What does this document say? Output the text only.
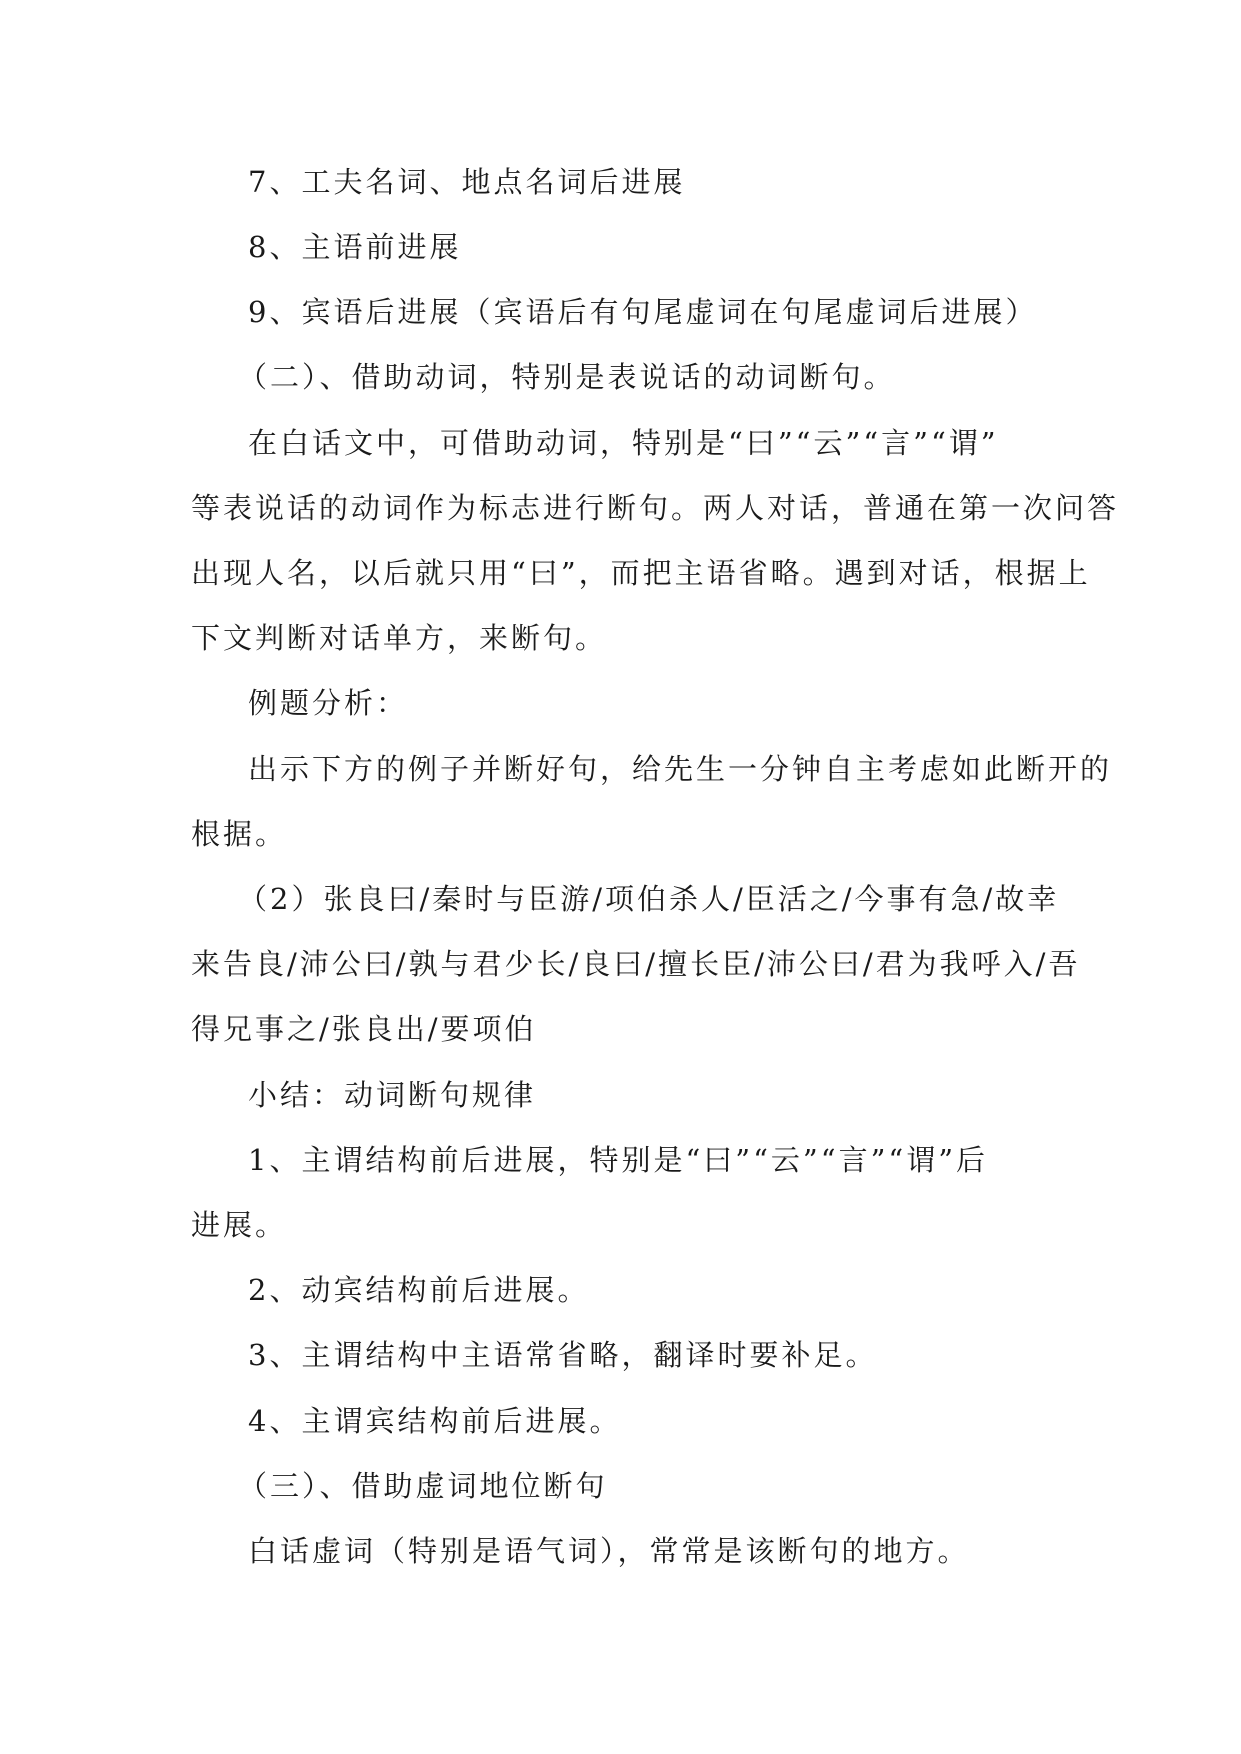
7、工夫名词、地点名词后进展
8、主语前进展
9、宾语后进展（宾语后有句尾虚词在句尾虚词后进展）
（二）、借助动词，特别是表说话的动词断句。
在白话文中，可借助动词，特别是“曰”“云”“言”“谓”
等表说话的动词作为标志进行断句。两人对话，普通在第一次问答
出现人名，以后就只用“曰”，而把主语省略。遇到对话，根据上
下文判断对话单方，来断句。
例题分析：
出示下方的例子并断好句，给先生一分钟自主考虑如此断开的
根据。
（2）张良曰/秦时与臣游/项伯杀人/臣活之/今事有急/故幸
来告良/沛公曰/孰与君少长/良曰/擅长臣/沛公曰/君为我呼入/吾
得兄事之/张良出/要项伯
小结：动词断句规律
1、主谓结构前后进展，特别是“曰”“云”“言”“谓”后
进展。
2、动宾结构前后进展。
3、主谓结构中主语常省略，翻译时要补足。
4、主谓宾结构前后进展。
（三）、借助虚词地位断句
白话虚词（特别是语气词），常常是该断句的地方。
